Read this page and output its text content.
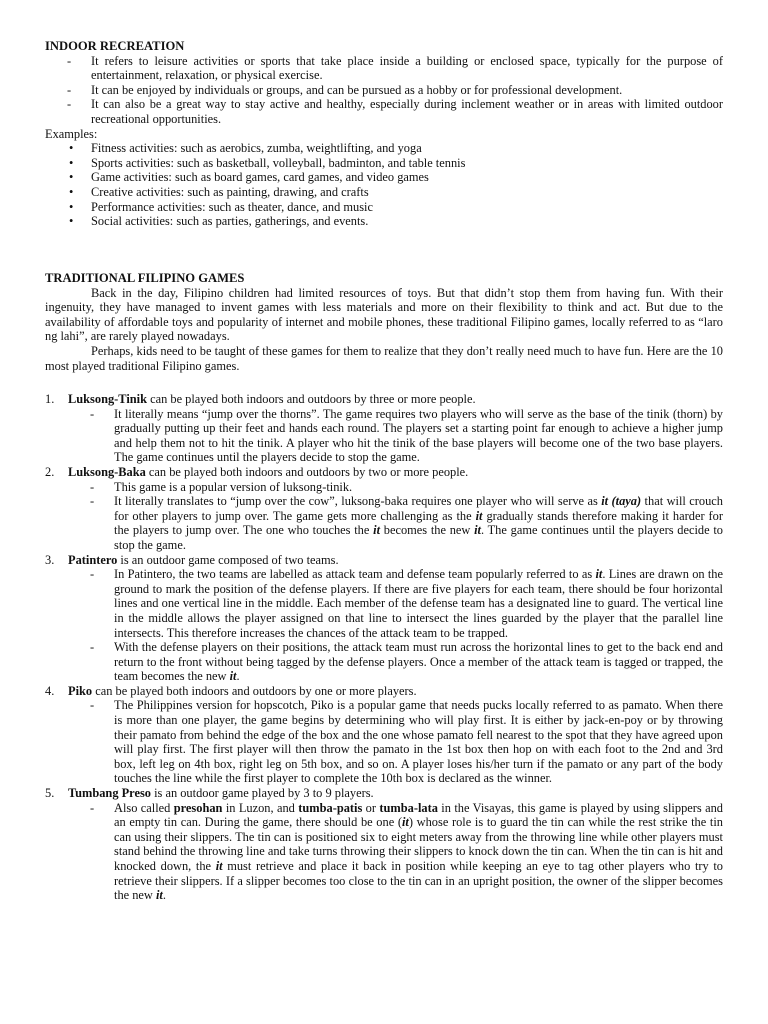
INDOOR RECREATION

- It refers to leisure activities or sports that take place inside a building or enclosed space, typically for the purpose of entertainment, relaxation, or physical exercise.

- It can be enjoyed by individuals or groups, and can be pursued as a hobby or for professional development.

- It can also be a great way to stay active and healthy, especially during inclement weather or in areas with limited outdoor recreational opportunities.

Examples:

• Fitness activities: such as aerobics, zumba, weightlifting, and yoga

• Sports activities: such as basketball, volleyball, badminton, and table tennis

• Game activities: such as board games, card games, and video games

• Creative activities: such as painting, drawing, and crafts

• Performance activities: such as theater, dance, and music

• Social activities: such as parties, gatherings, and events.

TRADITIONAL FILIPINO GAMES

Back in the day, Filipino children had limited resources of toys. But that didn’t stop them from having fun. With their ingenuity, they have managed to invent games with less materials and more on their flexibility to think and act. But due to the availability of affordable toys and popularity of internet and mobile phones, these traditional Filipino games, locally referred to as “laro ng lahi”, are rarely played nowadays.

Perhaps, kids need to be taught of these games for them to realize that they don’t really need much to have fun. Here are the 10 most played traditional Filipino games.

1. Luksong-Tinik can be played both indoors and outdoors by three or more people.

- It literally means “jump over the thorns”. The game requires two players who will serve as the base of the tinik (thorn) by gradually putting up their feet and hands each round. The players set a starting point far enough to achieve a higher jump and help them not to hit the tinik. A player who hit the tinik of the base players will become one of the two base players. The game continues until the players decide to stop the game.

2. Luksong-Baka can be played both indoors and outdoors by two or more people.

- This game is a popular version of luksong-tinik.

- It literally translates to “jump over the cow”, luksong-baka requires one player who will serve as it (taya) that will crouch for other players to jump over. The game gets more challenging as the it gradually stands therefore making it harder for the players to jump over. The one who touches the it becomes the new it. The game continues until the players decide to stop the game.

3. Patintero is an outdoor game composed of two teams.

- In Patintero, the two teams are labelled as attack team and defense team popularly referred to as it. Lines are drawn on the ground to mark the position of the defense players. If there are five players for each team, there should be four horizontal lines and one vertical line in the middle. Each member of the defense team has a designated line to guard. The vertical line in the middle allows the player assigned on that line to intersect the lines guarded by the player that the parallel line intersects. This therefore increases the chances of the attack team to be trapped.

- With the defense players on their positions, the attack team must run across the horizontal lines to get to the back end and return to the front without being tagged by the defense players. Once a member of the attack team is tagged or trapped, the team becomes the new it.

4. Piko can be played both indoors and outdoors by one or more players.

- The Philippines version for hopscotch, Piko is a popular game that needs pucks locally referred to as pamato. When there is more than one player, the game begins by determining who will play first. It is either by jack-en-poy or by throwing their pamato from behind the edge of the box and the one whose pamato fell nearest to the spot that they have agreed upon will play first. The first player will then throw the pamato in the 1st box then hop on with each foot to the 2nd and 3rd box, left leg on 4th box, right leg on 5th box, and so on. A player loses his/her turn if the pamato or any part of the body touches the line while the first player to complete the 10th box is declared as the winner.

5. Tumbang Preso is an outdoor game played by 3 to 9 players.

- Also called presohan in Luzon, and tumba-patis or tumba-lata in the Visayas, this game is played by using slippers and an empty tin can. During the game, there should be one (it) whose role is to guard the tin can while the rest strike the tin can using their slippers. The tin can is positioned six to eight meters away from the throwing line while other players must stand behind the throwing line and take turns throwing their slippers to knock down the tin can. When the tin can is hit and knocked down, the it must retrieve and place it back in position while keeping an eye to tag other players who try to retrieve their slippers. If a slipper becomes too close to the tin can in an upright position, the owner of the slipper becomes the new it.
